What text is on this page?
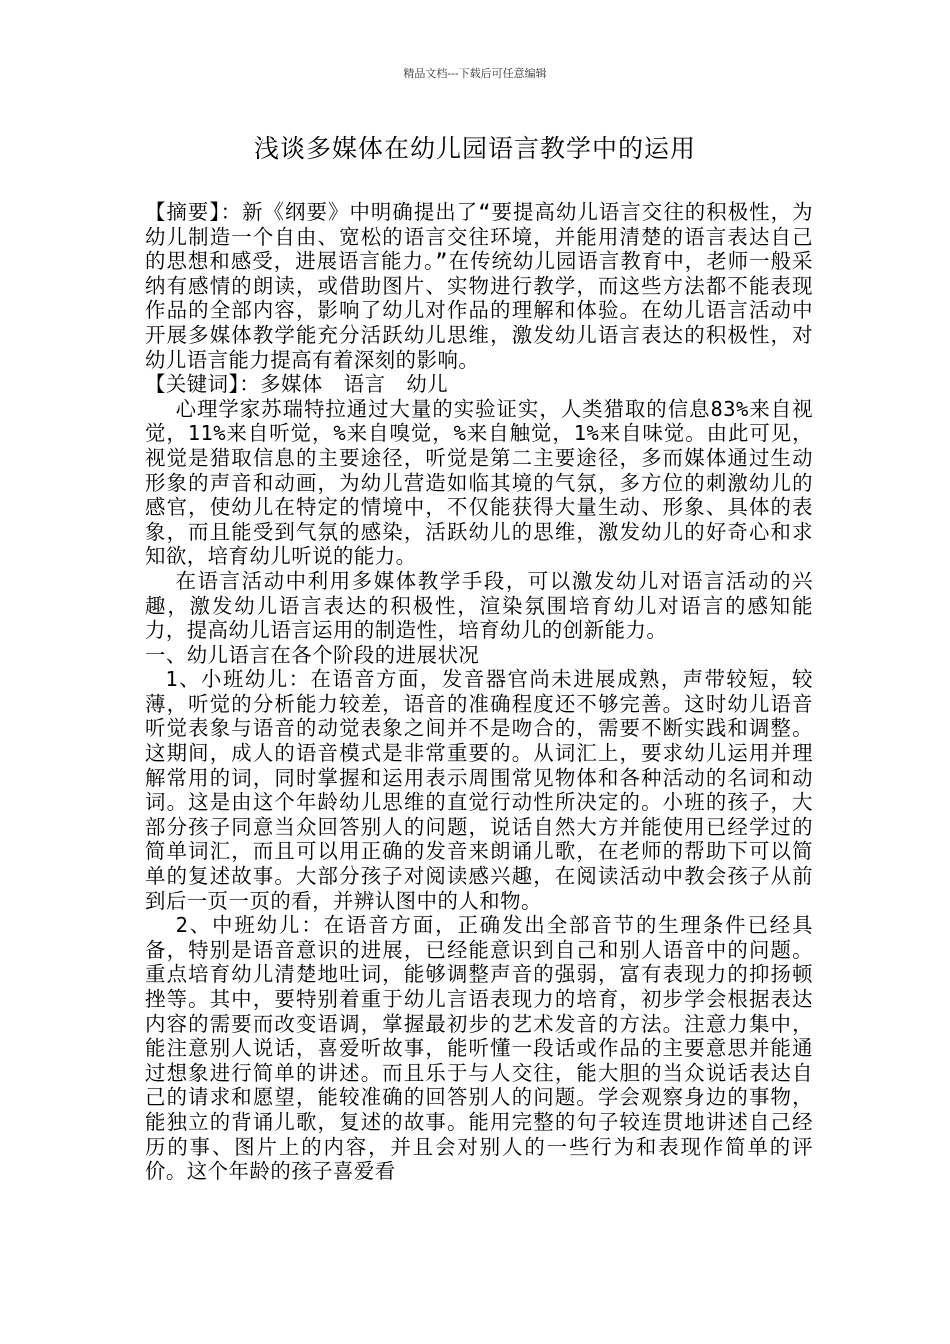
精品文档---下载后可任意编辑
浅谈多媒体在幼儿园语言教学中的运用

【摘要】：新《纲要》中明确提出了“要提高幼儿语言交往的积极性，为幼儿制造一个自由、宽松的语言交往环境，并能用清楚的语言表达自己的思想和感受，进展语言能力。”在传统幼儿园语言教育中，老师一般采纳有感情的朗读，或借助图片、实物进行教学，而这些方法都不能表现作品的全部内容，影响了幼儿对作品的理解和体验。在幼儿语言活动中开展多媒体教学能充分活跃幼儿思维，激发幼儿语言表达的积极性，对幼儿语言能力提高有着深刻的影响。

【关键词】：多媒体　语言　幼儿

心理学家苏瑞特拉通过大量的实验证实，人类猎取的信息83%来自视觉，11%来自听觉，%来自嗅觉，%来自触觉，1%来自味觉。由此可见，视觉是猎取信息的主要途径，听觉是第二主要途径，多而媒体通过生动形象的声音和动画，为幼儿营造如临其境的气氛，多方位的刺激幼儿的感官，使幼儿在特定的情境中，不仅能获得大量生动、形象、具体的表象，而且能受到气氛的感染，活跃幼儿的思维，激发幼儿的好奇心和求知欲，培育幼儿听说的能力。

在语言活动中利用多媒体教学手段，可以激发幼儿对语言活动的兴趣，激发幼儿语言表达的积极性，渲染氛围培育幼儿对语言的感知能力，提高幼儿语言运用的制造性，培育幼儿的创新能力。

一、幼儿语言在各个阶段的进展状况

1、小班幼儿：在语音方面，发音器官尚未进展成熟，声带较短，较薄，听觉的分析能力较差，语音的准确程度还不够完善。这时幼儿语音听觉表象与语音的动觉表象之间并不是吻合的，需要不断实践和调整。这期间，成人的语音模式是非常重要的。从词汇上，要求幼儿运用并理解常用的词，同时掌握和运用表示周围常见物体和各种活动的名词和动词。这是由这个年龄幼儿思维的直觉行动性所决定的。小班的孩子，大部分孩子同意当众回答别人的问题，说话自然大方并能使用已经学过的简单词汇，而且可以用正确的发音来朗诵儿歌，在老师的帮助下可以简单的复述故事。大部分孩子对阅读感兴趣，在阅读活动中教会孩子从前到后一页一页的看，并辨认图中的人和物。

2、中班幼儿：在语音方面，正确发出全部音节的生理条件已经具备，特别是语音意识的进展，已经能意识到自己和别人语音中的问题。重点培育幼儿清楚地吐词，能够调整声音的强弱，富有表现力的抑扬顿挫等。其中，要特别着重于幼儿言语表现力的培育，初步学会根据表达内容的需要而改变语调，掌握最初步的艺术发音的方法。注意力集中，能注意别人说话，喜爱听故事，能听懂一段话或作品的主要意思并能通过想象进行简单的讲述。而且乐于与人交往，能大胆的当众说话表达自己的请求和愿望，能较准确的回答别人的问题。学会观察身边的事物，能独立的背诵儿歌，复述的故事。能用完整的句子较连贯地讲述自己经历的事、图片上的内容，并且会对别人的一些行为和表现作简单的评价。这个年龄的孩子喜爱看
